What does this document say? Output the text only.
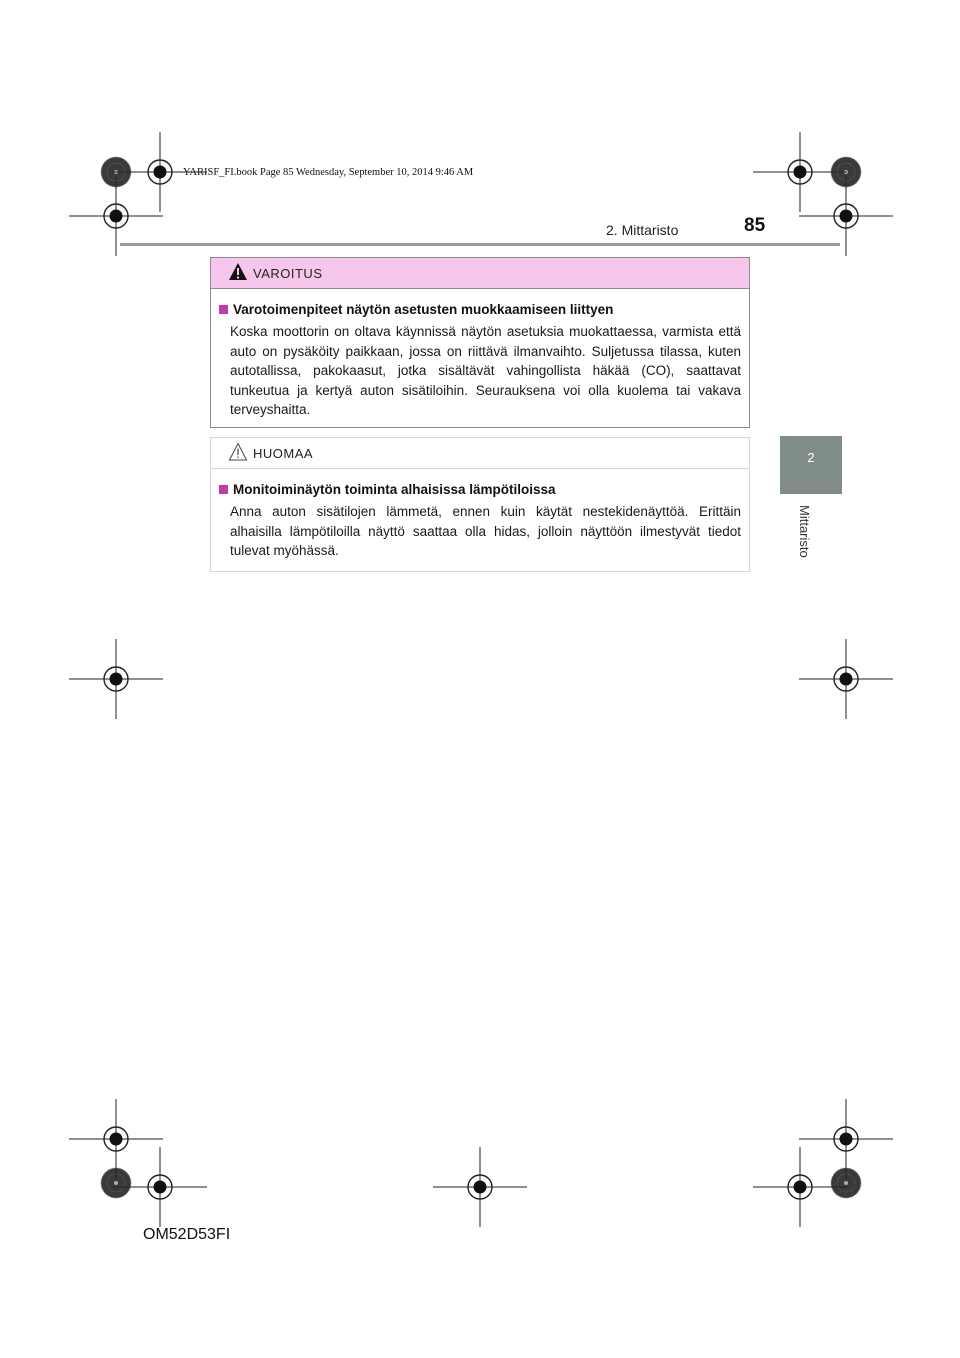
YARISF_FI.book Page 85 Wednesday, September 10, 2014 9:46 AM
2. Mittaristo	85
2
Mittaristo
VAROITUS
Varotoimenpiteet näytön asetusten muokkaamiseen liittyen
Koska moottorin on oltava käynnissä näytön asetuksia muokattaessa, varmista että auto on pysäköity paikkaan, jossa on riittävä ilmanvaihto. Suljetussa tilassa, kuten autotallissa, pakokaasut, jotka sisältävät vahingollista häkää (CO), saattavat tunkeutua ja kertyä auton sisätiloihin. Seurauksena voi olla kuolema tai vakava terveyshaitta.
HUOMAA
Monitoiminäytön toiminta alhaisissa lämpötiloissa
Anna auton sisätilojen lämmetä, ennen kuin käytät nestekidenäyttöä. Erittäin alhaisilla lämpötiloilla näyttö saattaa olla hidas, jolloin näyttöön ilmestyvät tiedot tulevat myöhässä.
OM52D53FI
